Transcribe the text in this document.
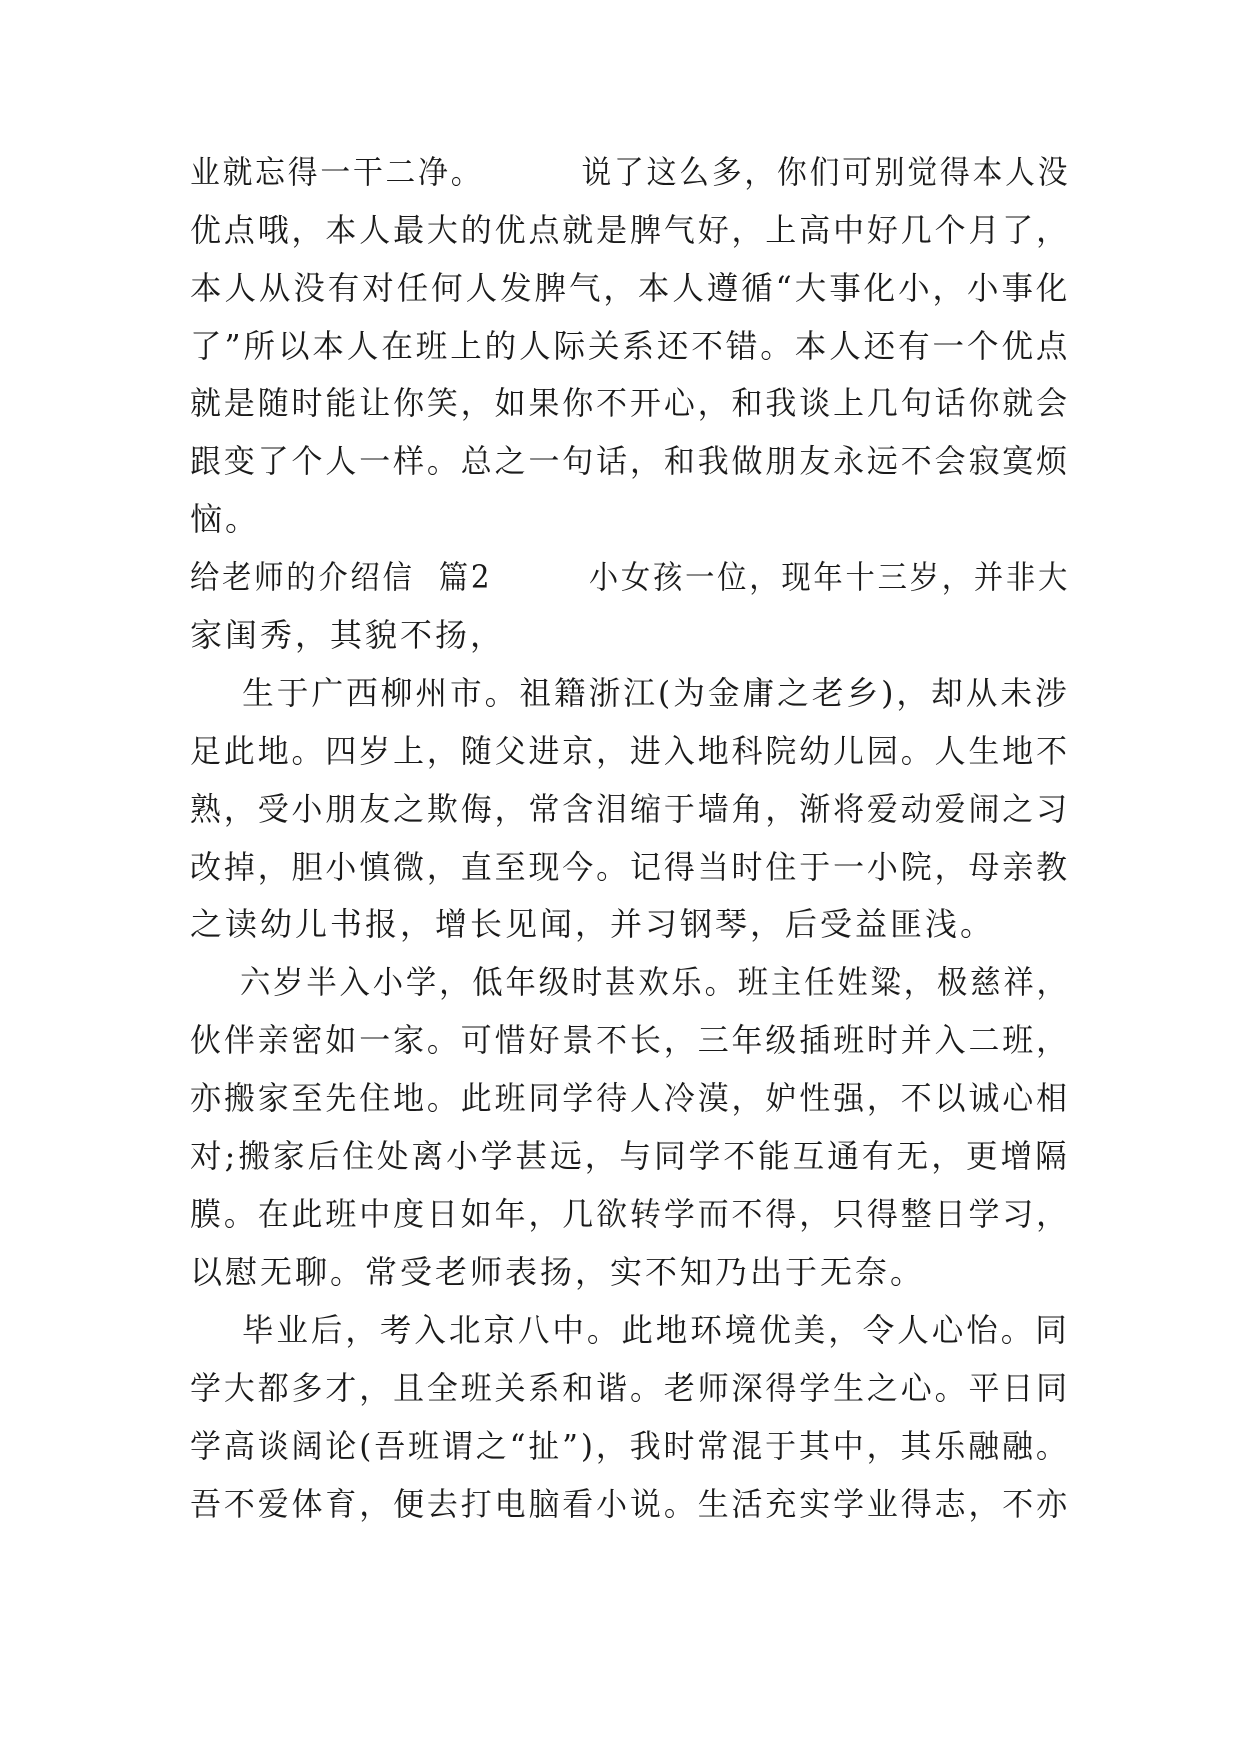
业就忘得一干二净。        说了这么多，你们可别觉得本人没
优点哦，本人最大的优点就是脾气好，上高中好几个月了，
本人从没有对任何人发脾气，本人遵循“大事化小，小事化
了”所以本人在班上的人际关系还不错。本人还有一个优点
就是随时能让你笑，如果你不开心，和我谈上几句话你就会
跟变了个人一样。总之一句话，和我做朋友永远不会寂寞烦
恼。
给老师的介绍信  篇2        小女孩一位，现年十三岁，并非大
家闺秀，其貌不扬，
生于广西柳州市。祖籍浙江(为金庸之老乡)，却从未涉
足此地。四岁上，随父进京，进入地科院幼儿园。人生地不
熟，受小朋友之欺侮，常含泪缩于墙角，渐将爱动爱闹之习
改掉，胆小慎微，直至现今。记得当时住于一小院，母亲教
之读幼儿书报，增长见闻，并习钢琴，后受益匪浅。
六岁半入小学，低年级时甚欢乐。班主任姓粱，极慈祥，
伙伴亲密如一家。可惜好景不长，三年级插班时并入二班，
亦搬家至先住地。此班同学待人冷漠，妒性强，不以诚心相
对;搬家后住处离小学甚远，与同学不能互通有无，更增隔
膜。在此班中度日如年，几欲转学而不得，只得整日学习，
以慰无聊。常受老师表扬，实不知乃出于无奈。
毕业后，考入北京八中。此地环境优美，令人心怡。同
学大都多才，且全班关系和谐。老师深得学生之心。平日同
学高谈阔论(吾班谓之“扯”)，我时常混于其中，其乐融融。
吾不爱体育，便去打电脑看小说。生活充实学业得志，不亦
